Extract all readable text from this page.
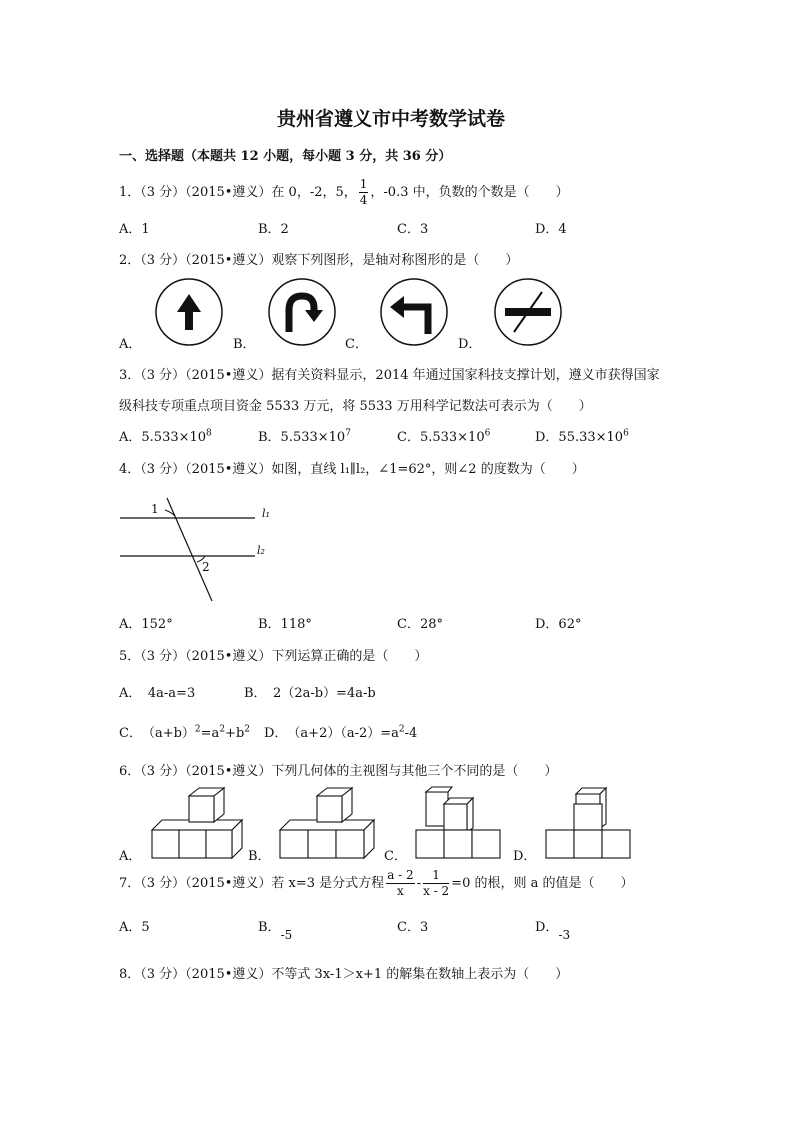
贵州省遵义市中考数学试卷
一、选择题（本题共 12 小题，每小题 3 分，共 36 分）
1．（3 分）（2015•遵义）在 0，-2，5， $\frac{1}{4}$ ，-0.3 中，负数的个数是（　　）
A．1	B．2	C．3	D．4
2．（3 分）（2015•遵义）观察下列图形，是轴对称图形的是（　　）
A．	B．	C．	D．
3．（3 分）（2015•遵义）据有关资料显示，2014 年通过国家科技支撑计划，遵义市获得国家
级科技专项重点项目资金 5533 万元，将 5533 万用科学记数法可表示为（　　）
A．$5.533\times 10^8$	B．$5.533\times 10^7$	C．$5.533\times 10^6$	D．$55.33\times 10^6$
4．（3 分）（2015•遵义）如图，直线 l₁∥l₂，∠1=62°，则∠2 的度数为（　　）
1
2
l₁
l₂
A．152°	B．118°	C．28°	D．62°
5．（3 分）（2015•遵义）下列运算正确的是（　　）
A．　4a-a=3	B．　2（2a-b）=4a-b
C．　$(a+b)^2=a^2+b^2$ D．　$(a+2)(a-2)=a^2-4$
6．（3 分）（2015•遵义）下列几何体的主视图与其他三个不同的是（　　）
A．	B．	C．	D．
7．（3 分）（2015•遵义）若 x=3 是分式方程 $\frac{a - 2}{x} - \frac{1}{x - 2} =0$ 的根，则 a 的值是（　　）
A．5	B．-5	C．3	D．-3
8．（3 分）（2015•遵义）不等式 3x-1＞x+1 的解集在数轴上表示为（　　）
